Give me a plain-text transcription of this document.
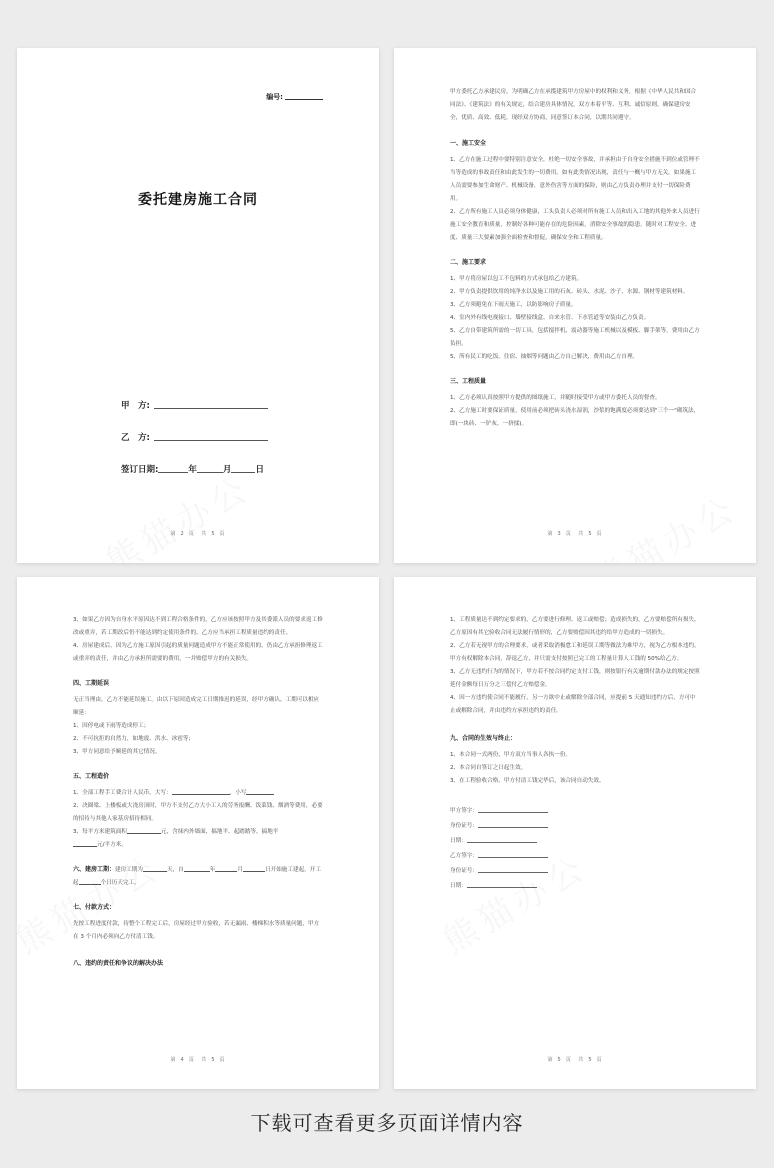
编号:
委托建房施工合同
甲　方:
乙　方:
签订日期:	年	月	日
第 2 页 共 5 页

甲方委托乙方承建民房，为明确乙方在承揽建筑甲方房屋中的权利和义务，根据《中华人民共和国合同法》、《建筑法》的有关规定，结合建房具体情况，双方本着平等、互利、诚信原则，确保建房安全，优质、高效、低耗，现经双方协商，同意签订本合同，以期共同遵守。

一、施工安全

1、乙方在施工过程中要特别注意安全，杜绝一切安全事故，并承担由于自身安全措施不到位或管理不当等造成的事故责任和由此发生的一切费用。如有此类情况出现，责任与一概与甲方无关。如果施工人员需要参加生命财产、机械设备，意外伤害等方面的保险，则由乙方负责办理并支付一切保险费用。

2、乙方所有施工人员必须身体健康，工头负责人必须对所有施工人员和出入工地的其他外来人员进行施工安全教育和质量，控制好各种可能存在的危险因素，消除安全事故的隐患。随时对工程安全、进度、质量三大要素加强全面检查和督促，确保安全和工程质量。

二、施工要求

1、甲方将房屋以包工不包料的方式承包给乙方建筑。

2、甲方负责提供饮用的纯净水以及施工用的石灰、砖头、水泥、沙子、水源、钢材等建筑材料。

3、乙方须避免在下雨天施工，以防影响房子质量。

4、室内外有线电视接口、墙壁接线盒、自来水管、下水管道等安装由乙方负责。

5、乙方自带建筑所需的一切工具，包括搅拌机、震动器等施工机械以及模板、脚手架等，费用由乙方负担。

5、所有民工的吃饭、住宿、抽烟等问题由乙方自己解决，费用由乙方自理。

三、工程质量

1、乙方必须认真按照甲方提供的图纸施工，并随时接受甲方或甲方委托人员的督查。

2、乙方施工时要保证质量，使用前必须把砖头浇水湿润，沙浆的饱满度必须要达到"三个一"砌筑法，即(一块砖、一铲灰、一挤揉)。

第 3 页 共 5 页

3、如果乙方因为自身水平原因达不到工程合格条件的，乙方应该按照甲方及其委派人员的要求返工修改或重弄，若工期改后仍不能达到约定使用条件的，乙方应当承担工程质量违约的责任。

4、房屋建成后，因为乙方施工原因引起的质量问题造成甲方不能正常使用的，仍由乙方承担修理返工或重弄的责任，并由乙方承担所需要的费用，一并赔偿甲方的有关损失。

四、工期延误

无正当理由，乙方不能延误施工。由以下原因造成完工日期推迟的延误，经甲方确认，工期可以相应顺延：

1、因停电或下雨等造成停工；

2、不可抗拒的自然力，如地震、洪水、冰雹等；

3、甲方同意给予顺延的其它情况。

五、工程造价

1、全部工程手工费合计人民币，大写：	，小写

2、决圈梁、上楼板或大浇房顶时，甲方不支付乙方大小工人的劳务报酬、饭菜钱、烟酒等费用，必要的招待与其他人家基房招待相同。

3、每平方米建筑面积	元，含抹内外墙面、搞地平、起踏踏等，搞地平
元/平方米。

六、建房工期：建房工期为	天，自	年	月	日开始施工建起，开工起	个日历天完工。

七、付款方式：

先按工程进度付款，待整个工程完工后，房屋经过甲方验收，若无漏雨、楼梯积水等质量问题，甲方在 3 个月内必须向乙方付清工钱。

八、违约的责任和争议的解决办法
第 4 页 共 5 页

1、工程质量达不到约定要求的，乙方要进行修理、返工或赔偿；造成损失的，乙方要赔偿所有损失。乙方原因有其它验收合同无法履行情形的，乙方要赔偿因其违约给甲方造成的一切损失。

2、乙方若无视甲方的合理要求，或者采取消极怠工和延误工期等做法为难甲方，视为乙方根本违约，甲方有权解除本合同，辞退乙方，并只需支付按照已完工的工程量计算人工钱的 50%给乙方。

3、乙方无违约行为的情况下，甲方若不按合同约定支付工钱，则按银行有关逾期付款办法的规定按照延付金额每日万分之三偿付乙方赔偿金。

4、因一方违约使合同不能履行，另一方欲中止或解除全部合同，应提前 5 天通知违约方后，方可中止或解除合同，并由违约方承担违约的责任。

九、合同的生效与终止：

1、本合同一式两份，甲方双方当事人各执一份。

2、本合同自签订之日起生效。

3、在工程验收合格，甲方付清工钱完毕后，该合同自动失效。

甲方签字：
身份证号：
日期：
乙方签字：
身份证号：
日期：
第 5 页 共 5 页
下载可查看更多页面详情内容
